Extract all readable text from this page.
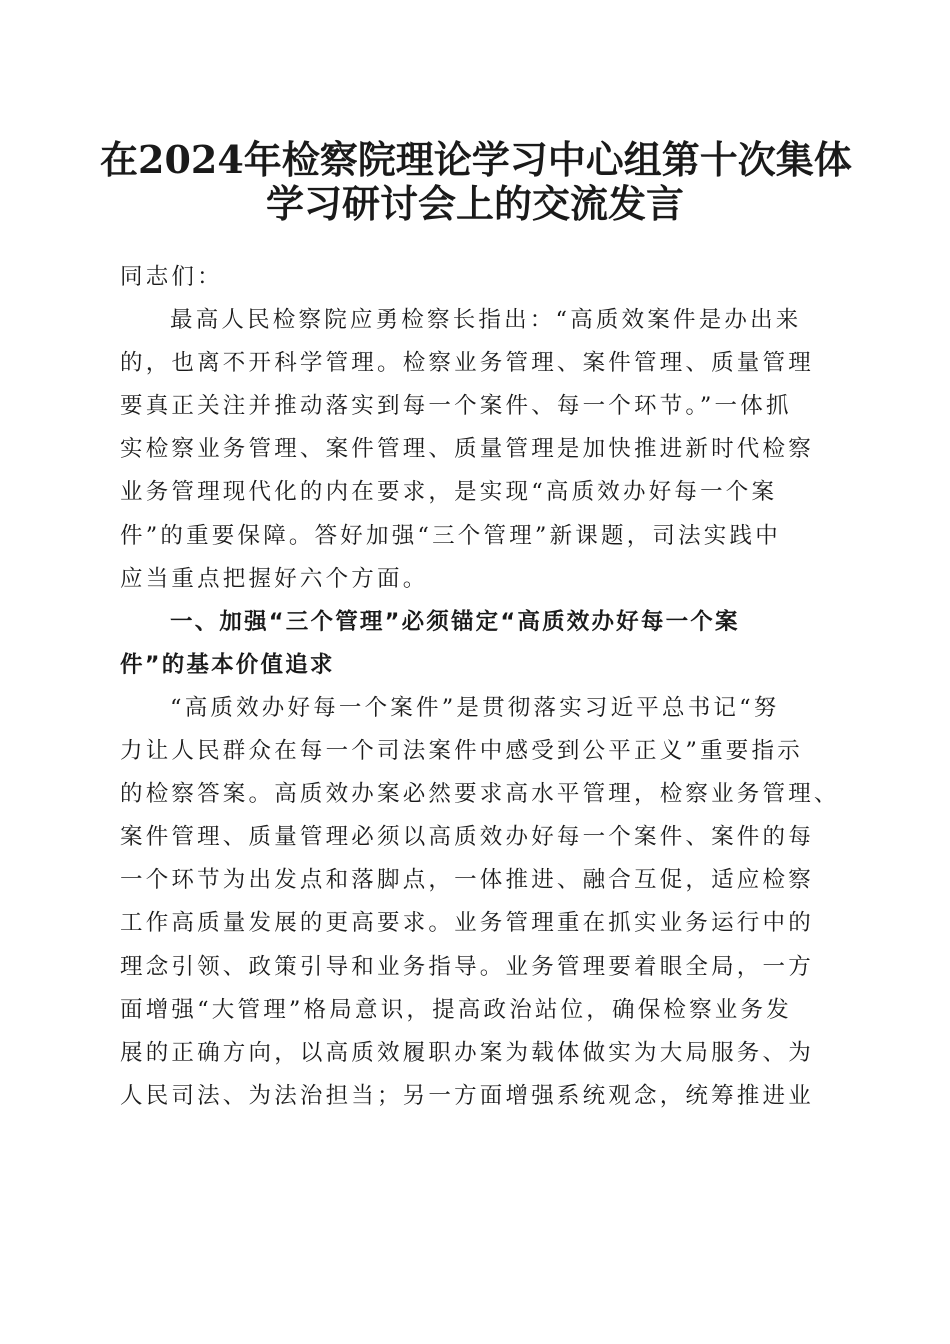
在2024年检察院理论学习中心组第十次集体
学习研讨会上的交流发言
同志们：
最高人民检察院应勇检察长指出：“高质效案件是办出来
的，也离不开科学管理。检察业务管理、案件管理、质量管理
要真正关注并推动落实到每一个案件、每一个环节。”一体抓
实检察业务管理、案件管理、质量管理是加快推进新时代检察
业务管理现代化的内在要求，是实现“高质效办好每一个案
件”的重要保障。答好加强“三个管理”新课题，司法实践中
应当重点把握好六个方面。
一、加强“三个管理”必须锚定“高质效办好每一个案
件”的基本价值追求
“高质效办好每一个案件”是贯彻落实习近平总书记“努
力让人民群众在每一个司法案件中感受到公平正义”重要指示
的检察答案。高质效办案必然要求高水平管理，检察业务管理、
案件管理、质量管理必须以高质效办好每一个案件、案件的每
一个环节为出发点和落脚点，一体推进、融合互促，适应检察
工作高质量发展的更高要求。业务管理重在抓实业务运行中的
理念引领、政策引导和业务指导。业务管理要着眼全局，一方
面增强“大管理”格局意识，提高政治站位，确保检察业务发
展的正确方向，以高质效履职办案为载体做实为大局服务、为
人民司法、为法治担当；另一方面增强系统观念，统筹推进业
